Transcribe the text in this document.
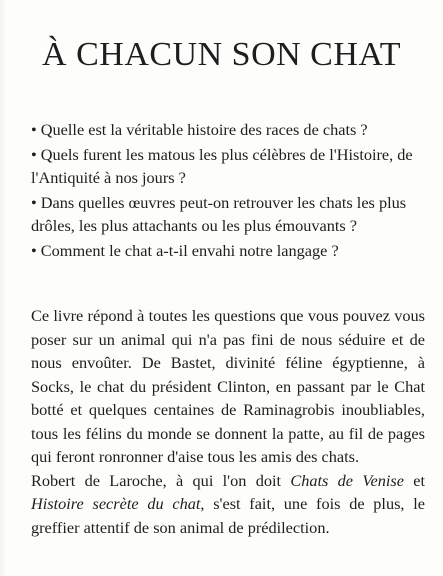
À CHACUN SON CHAT
• Quelle est la véritable histoire des races de chats ?
• Quels furent les matous les plus célèbres de l'Histoire, de l'Antiquité à nos jours ?
• Dans quelles œuvres peut-on retrouver les chats les plus drôles, les plus attachants ou les plus émouvants ?
• Comment le chat a-t-il envahi notre langage ?

Ce livre répond à toutes les questions que vous pouvez vous poser sur un animal qui n'a pas fini de nous séduire et de nous envoûter. De Bastet, divinité féline égyptienne, à Socks, le chat du président Clinton, en passant par le Chat botté et quelques centaines de Raminagrobis inoubliables, tous les félins du monde se donnent la patte, au fil de pages qui feront ronronner d'aise tous les amis des chats.

Robert de Laroche, à qui l'on doit Chats de Venise et Histoire secrète du chat, s'est fait, une fois de plus, le greffier attentif de son animal de prédilection.
